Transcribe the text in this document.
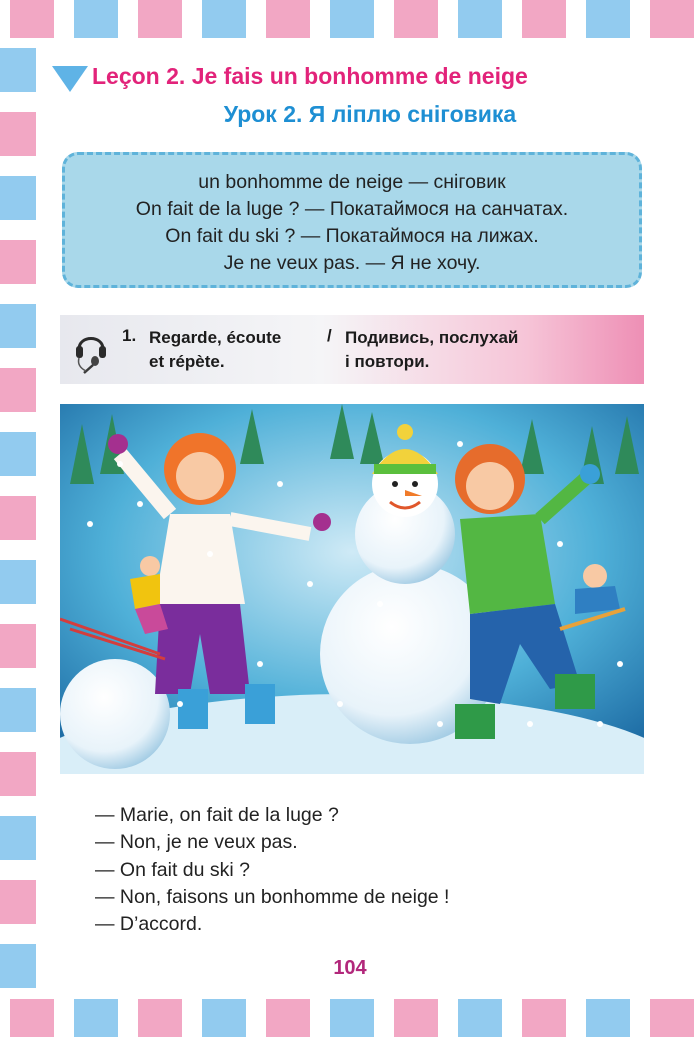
Leçon 2. Je fais un bonhomme de neige
Урок 2. Я ліплю сніговика
un bonhomme de neige — сніговик
On fait de la luge ? — Покатаймося на санчатах.
On fait du ski ? — Покатаймося на лижах.
Je ne veux pas. — Я не хочу.
1. Regarde, écoute
et répète.
/ Подивись, послухай
і повтори.
— Marie, on fait de la luge ?
— Non, je ne veux pas.
— On fait du ski ?
— Non, faisons un bonhomme de neige !
— D’accord.
104
